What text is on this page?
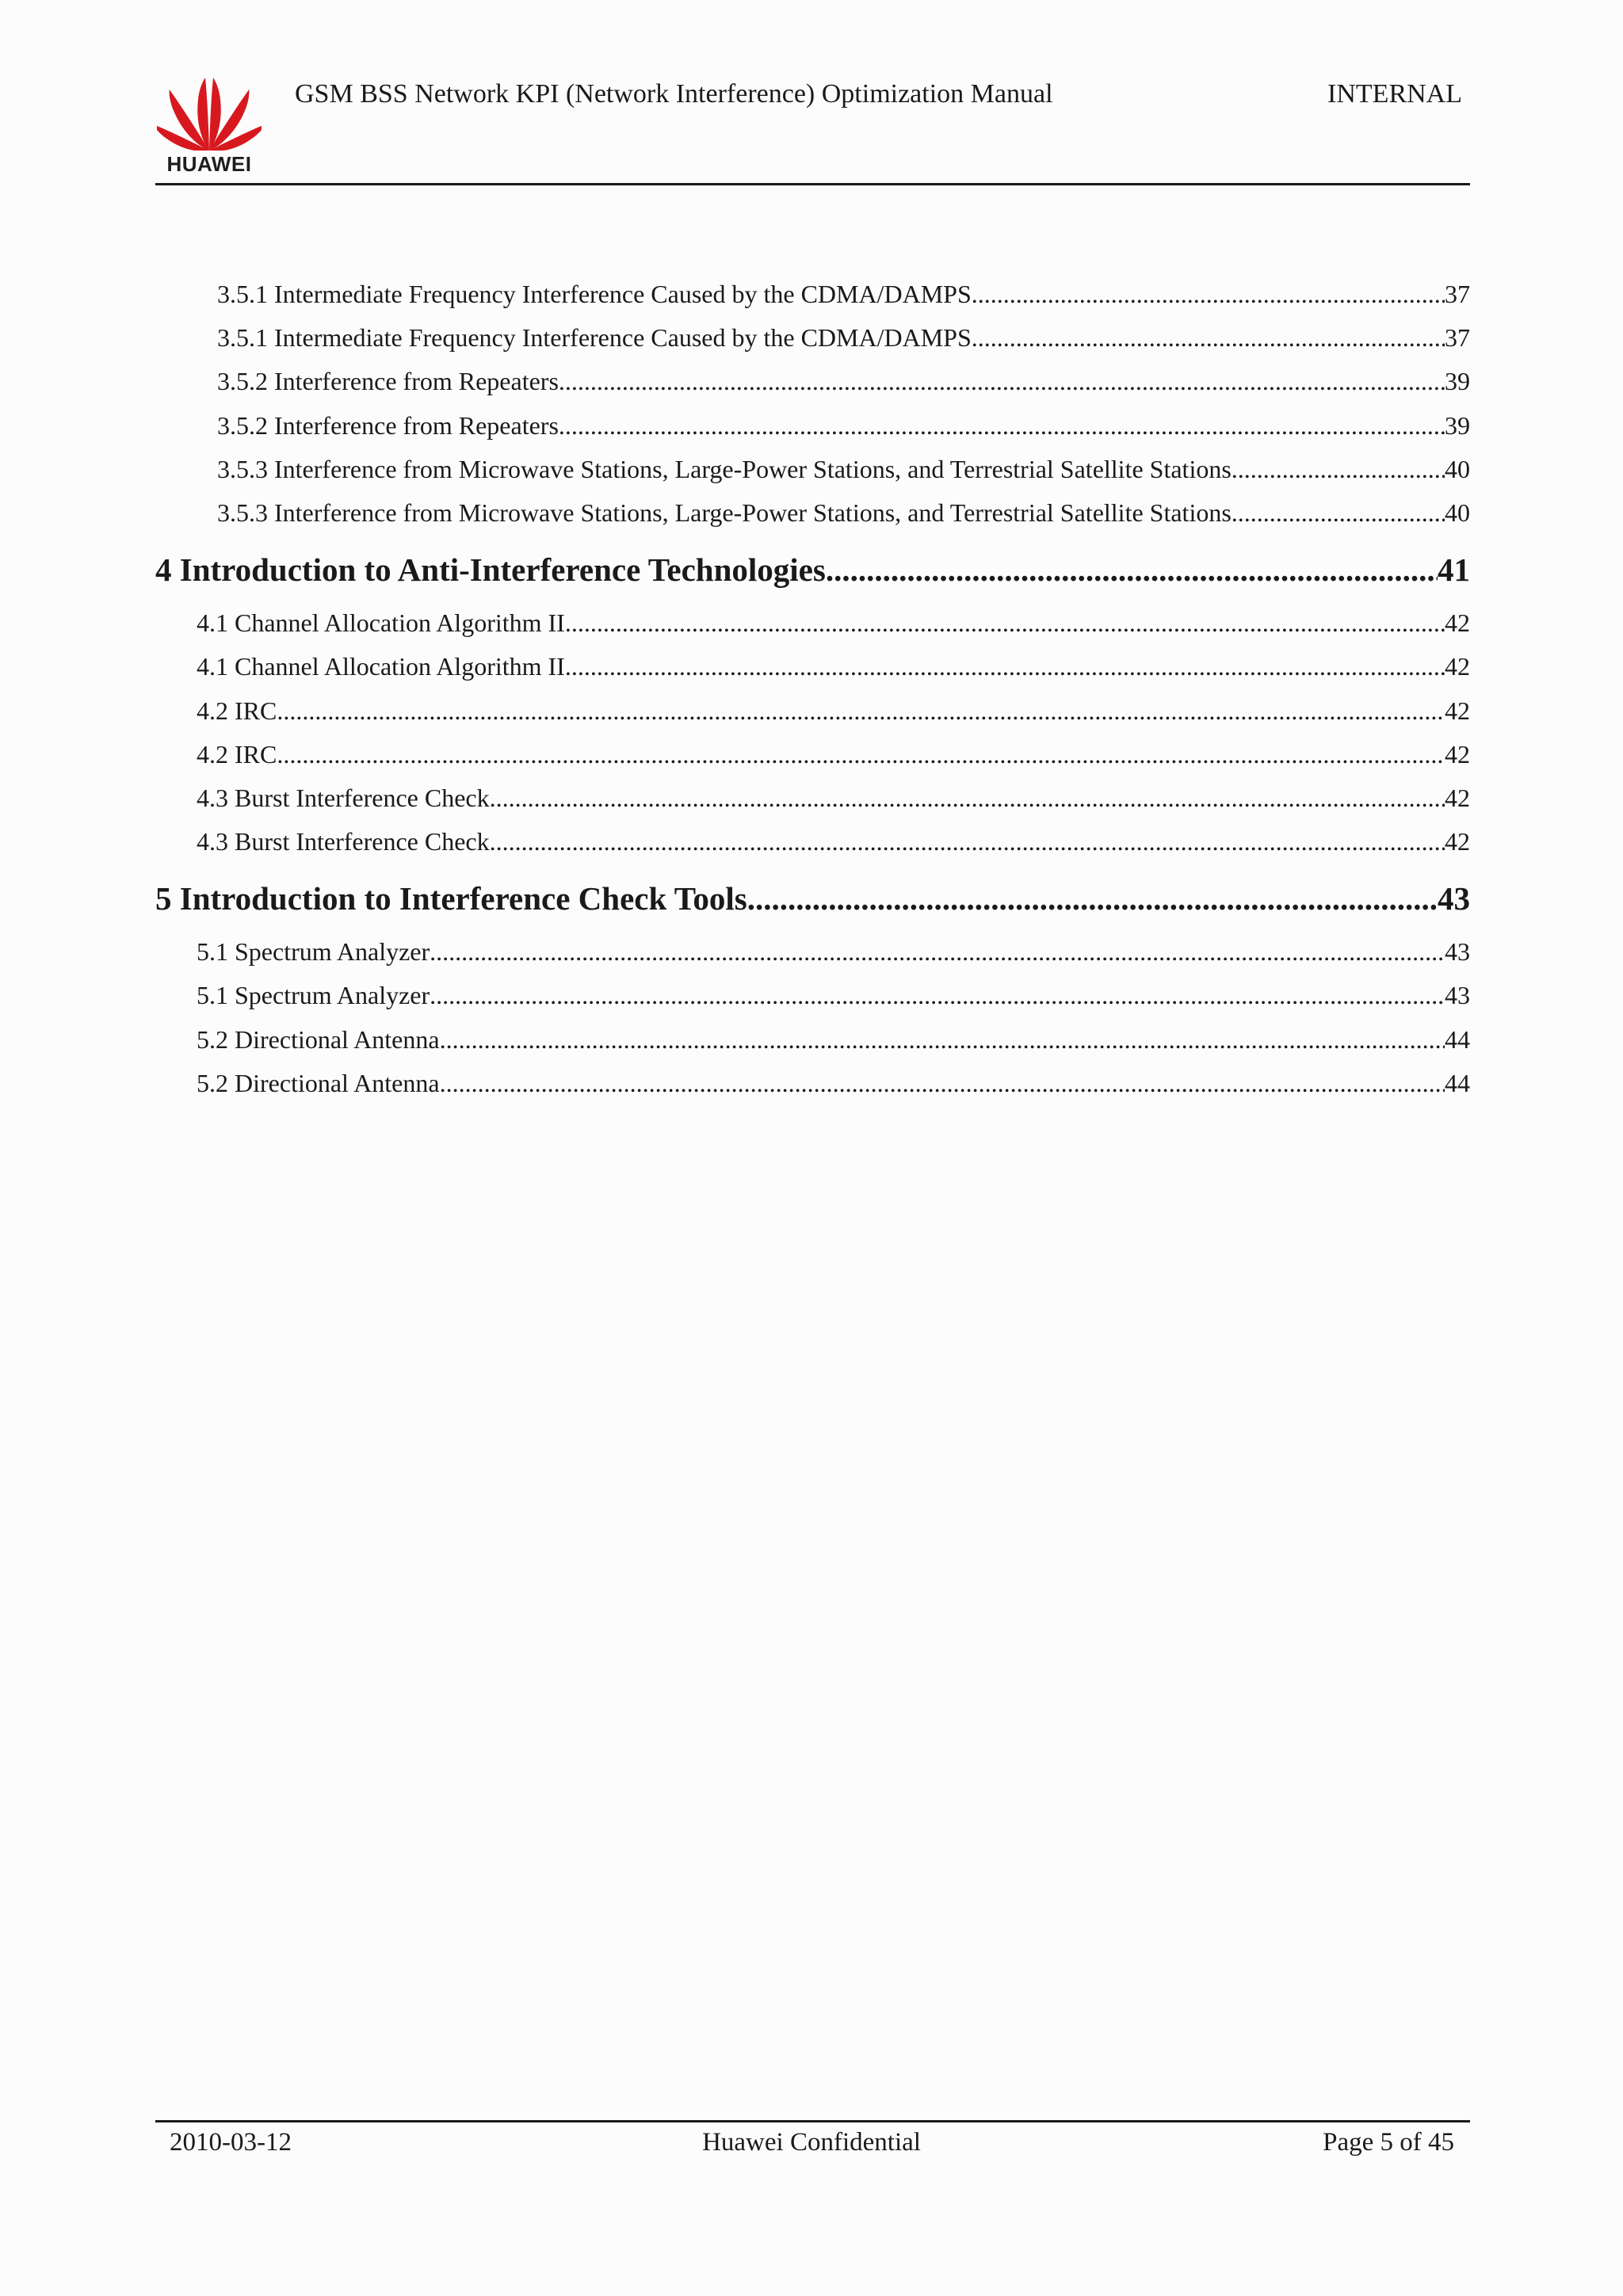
HUAWEI
GSM BSS Network KPI (Network Interference) Optimization Manual	INTERNAL
3.5.1 Intermediate Frequency Interference Caused by the CDMA/DAMPS .....	37
3.5.1 Intermediate Frequency Interference Caused by the CDMA/DAMPS .....	37
3.5.2 Interference from Repeaters .....	39
3.5.2 Interference from Repeaters .....	39
3.5.3 Interference from Microwave Stations, Large-Power Stations, and Terrestrial Satellite Stations .....	40
3.5.3 Interference from Microwave Stations, Large-Power Stations, and Terrestrial Satellite Stations .....	40
4 Introduction to Anti-Interference Technologies .....	41
4.1 Channel Allocation Algorithm II .....	42
4.1 Channel Allocation Algorithm II .....	42
4.2 IRC .....	42
4.2 IRC .....	42
4.3 Burst Interference Check .....	42
4.3 Burst Interference Check .....	42
5 Introduction to Interference Check Tools .....	43
5.1 Spectrum Analyzer .....	43
5.1 Spectrum Analyzer .....	43
5.2 Directional Antenna .....	44
5.2 Directional Antenna .....	44
2010-03-12	Huawei Confidential	Page 5 of 45
